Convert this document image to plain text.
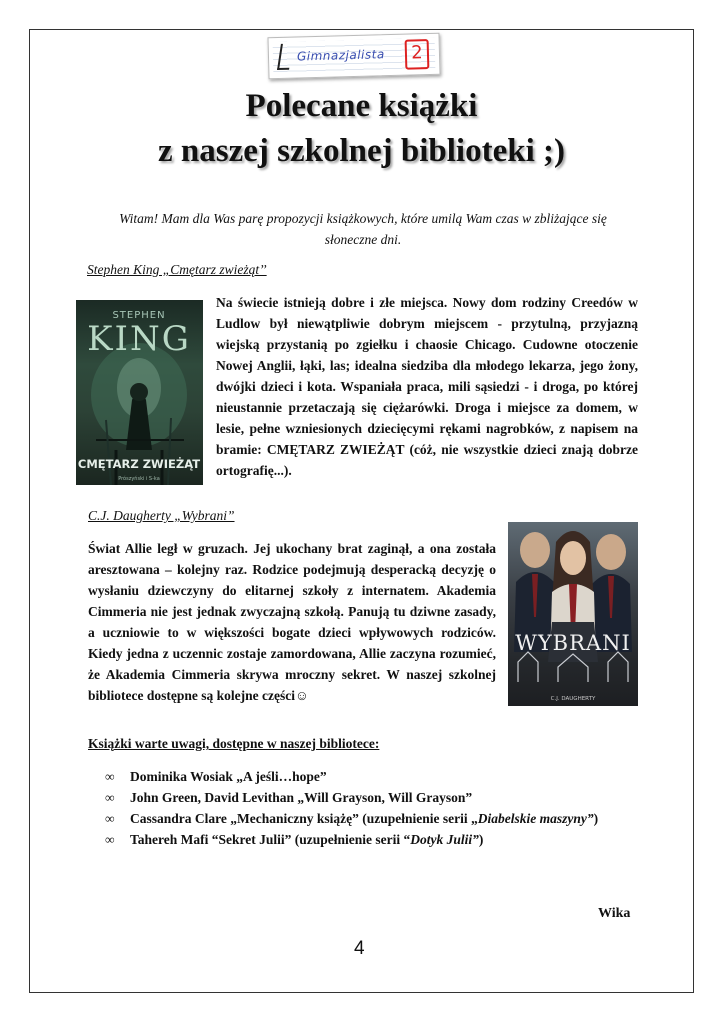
Gimnazjalista	2
Polecane książki
z naszej szkolnej biblioteki ;)
Witam! Mam dla Was parę propozycji książkowych, które umilą Wam czas w zbliżające się słoneczne dni.
Stephen King „Cmętarz zwieżąt’’
STEPHEN
KING
CMĘTARZ ZWIEŻĄT
Prószyński i S-ka
Na świecie istnieją dobre i złe miejsca. Nowy dom rodziny Creedów w Ludlow był niewątpliwie dobrym miejscem - przytulną, przyjazną wiejską przystanią po zgiełku i chaosie Chicago. Cudowne otoczenie Nowej Anglii, łąki, las; idealna siedziba dla młodego lekarza, jego żony, dwójki dzieci i kota. Wspaniała praca, mili sąsiedzi - i droga, po której nieustannie przetaczają się ciężarówki. Droga i miejsce za domem, w lesie, pełne wzniesionych dziecięcymi rękami nagrobków, z napisem na bramie: CMĘTARZ ZWIEŻĄT (cóż, nie wszystkie dzieci znają dobrze ortografię...).
C.J. Daugherty „Wybrani”
Świat Allie legł w gruzach. Jej ukochany brat zaginął, a ona została aresztowana – kolejny raz. Rodzice podejmują desperacką decyzję o wysłaniu dziewczyny do elitarnej szkoły z internatem. Akademia Cimmeria nie jest jednak zwyczajną szkołą. Panują tu dziwne zasady, a uczniowie to w większości bogate dzieci wpływowych rodziców. Kiedy jedna z uczennic zostaje zamordowana, Allie zaczyna rozumieć, że Akademia Cimmeria skrywa mroczny sekret. W naszej szkolnej bibliotece dostępne są kolejne części☺
WYBRANI
C.J. DAUGHERTY
Książki warte uwagi, dostępne w naszej bibliotece:
∞ Dominika Wosiak „A jeśli…hope”
∞ John Green, David Levithan „Will Grayson, Will Grayson”
∞ Cassandra Clare „Mechaniczny książę” (uzupełnienie serii „Diabelskie maszyny”)
∞ Tahereh Mafi “Sekret Julii” (uzupełnienie serii “Dotyk Julii”)
Wika
4
